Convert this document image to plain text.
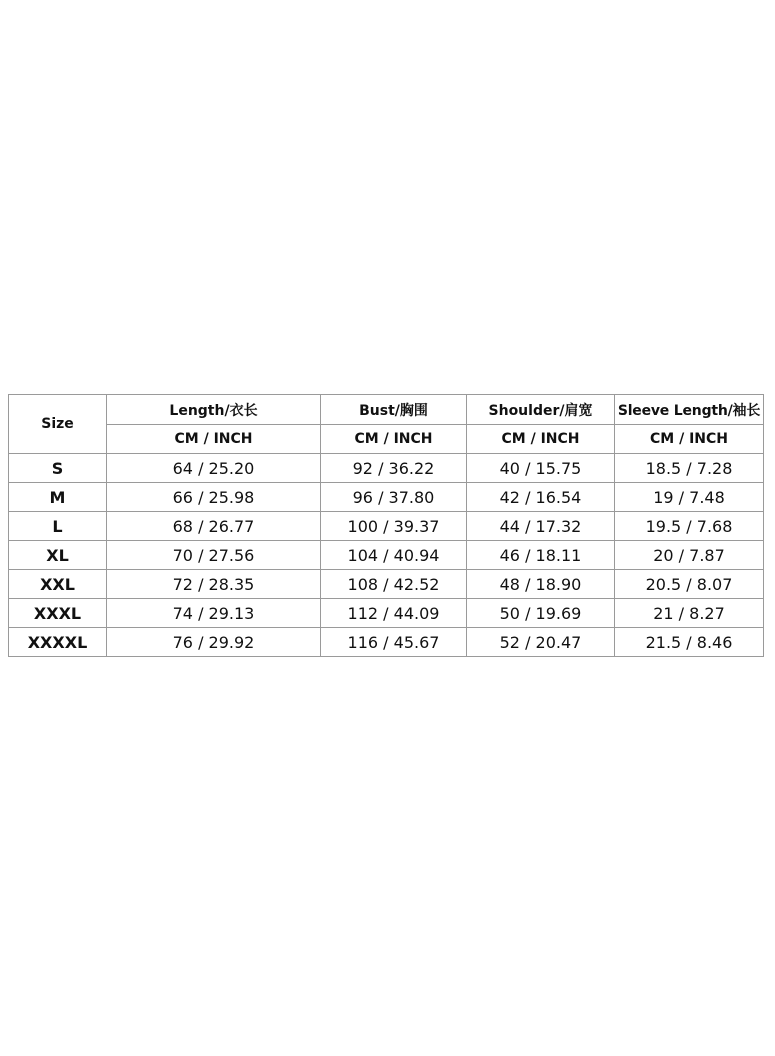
Size	Length/衣长	Bust/胸围	Shoulder/肩宽	Sleeve Length/袖长
	CM / INCH	CM / INCH	CM / INCH	CM / INCH
S	64 / 25.20	92 / 36.22	40 / 15.75	18.5 / 7.28
M	66 / 25.98	96 / 37.80	42 / 16.54	19 / 7.48
L	68 / 26.77	100 / 39.37	44 / 17.32	19.5 / 7.68
XL	70 / 27.56	104 / 40.94	46 / 18.11	20 / 7.87
XXL	72 / 28.35	108 / 42.52	48 / 18.90	20.5 / 8.07
XXXL	74 / 29.13	112 / 44.09	50 / 19.69	21 / 8.27
XXXXL	76 / 29.92	116 / 45.67	52 / 20.47	21.5 / 8.46
